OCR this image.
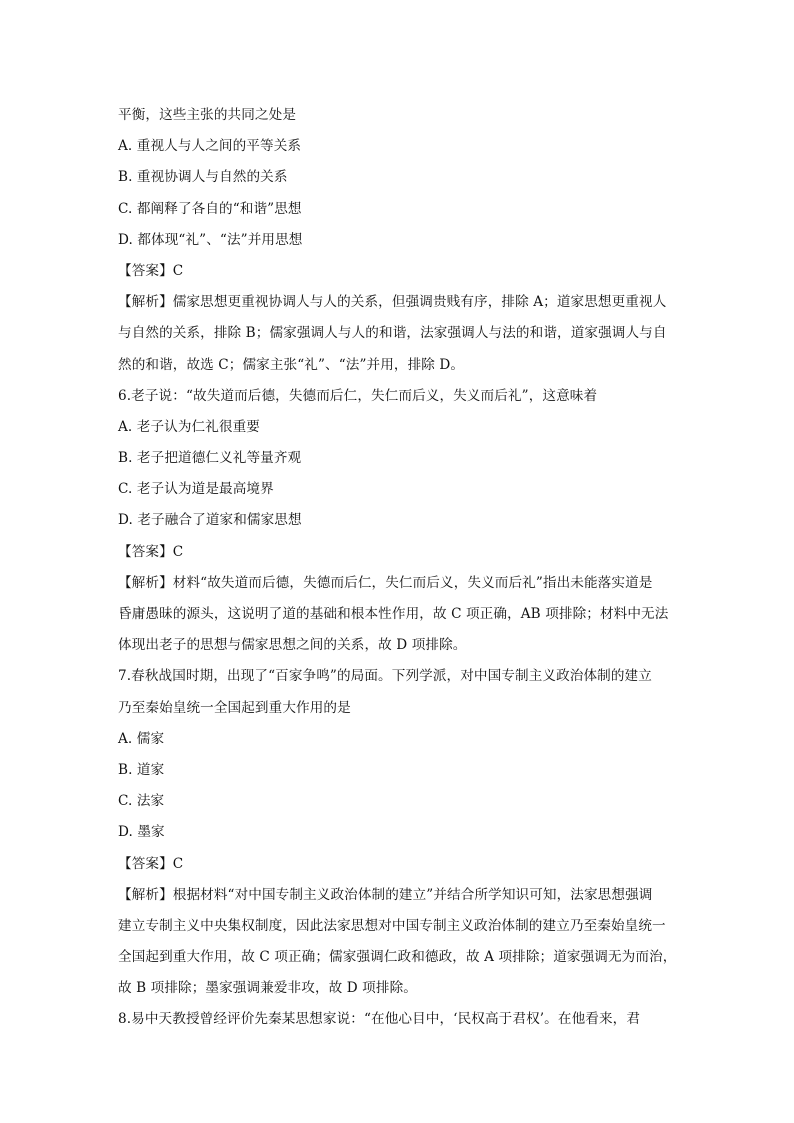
平衡，这些主张的共同之处是
A. 重视人与人之间的平等关系
B. 重视协调人与自然的关系
C. 都阐释了各自的“和谐”思想
D. 都体现“礼”、“法”并用思想
【答案】C
【解析】儒家思想更重视协调人与人的关系，但强调贵贱有序，排除 A；道家思想更重视人
与自然的关系，排除 B；儒家强调人与人的和谐，法家强调人与法的和谐，道家强调人与自
然的和谐，故选 C；儒家主张“礼”、“法”并用，排除 D。
6.老子说：“故失道而后德，失德而后仁，失仁而后义，失义而后礼”，这意味着
A. 老子认为仁礼很重要
B. 老子把道德仁义礼等量齐观
C. 老子认为道是最高境界
D. 老子融合了道家和儒家思想
【答案】C
【解析】材料“故失道而后德，失德而后仁，失仁而后义，失义而后礼”指出未能落实道是
昏庸愚昧的源头，这说明了道的基础和根本性作用，故 C 项正确，AB 项排除；材料中无法
体现出老子的思想与儒家思想之间的关系，故 D 项排除。
7.春秋战国时期，出现了“百家争鸣”的局面。下列学派，对中国专制主义政治体制的建立
乃至秦始皇统一全国起到重大作用的是
A. 儒家
B. 道家
C. 法家
D. 墨家
【答案】C
【解析】根据材料“对中国专制主义政治体制的建立”并结合所学知识可知，法家思想强调
建立专制主义中央集权制度，因此法家思想对中国专制主义政治体制的建立乃至秦始皇统一
全国起到重大作用，故 C 项正确；儒家强调仁政和德政，故 A 项排除；道家强调无为而治，
故 B 项排除；墨家强调兼爱非攻，故 D 项排除。
8.易中天教授曾经评价先秦某思想家说：“在他心目中，‘民权高于君权’。在他看来，君
